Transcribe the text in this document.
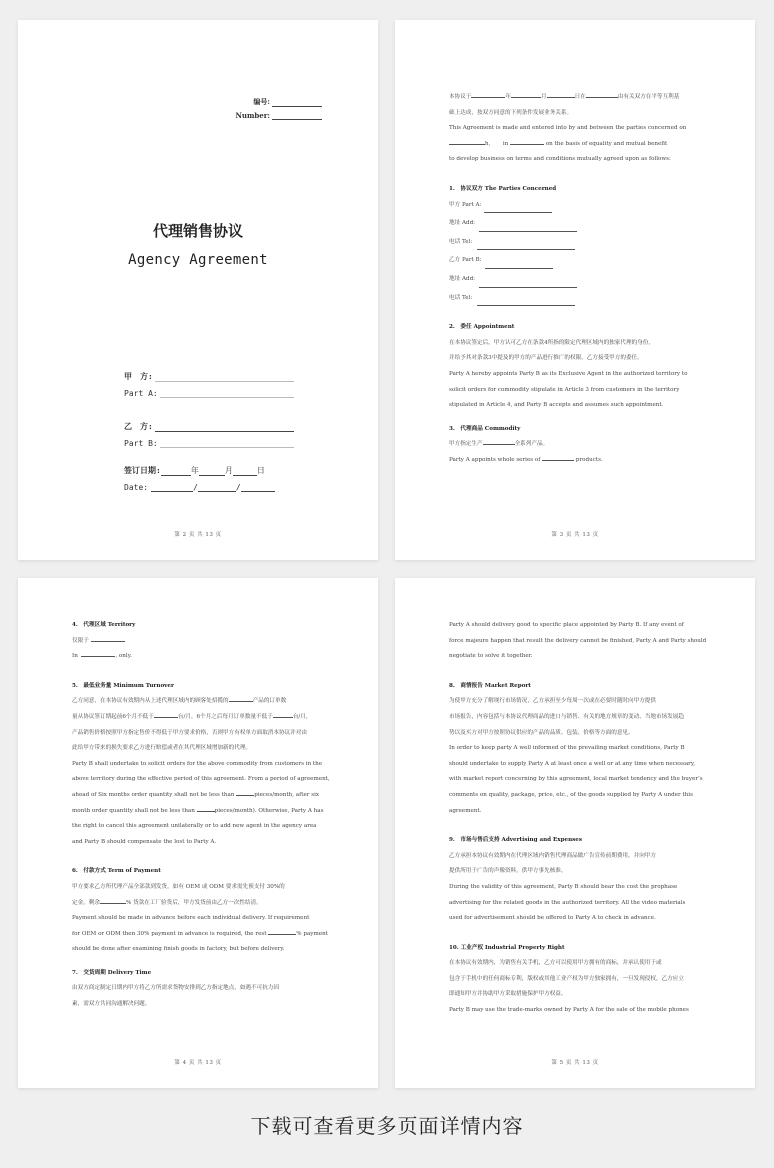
编号:
Number:
代理销售协议
Agency Agreement
甲　方:
Part A:
乙　方:
Part B:
签订日期:	年	月	日
Date:	/	/
第 2 页 共 13 页
本协议于	年	月	日在	由有关双方在平等互利基
础上达成，按双方同意的下列条件发展业务关系。
This Agreement is made and entered into by and between the parties concerned on
h, in	on the basis of equality and mutual benefit
to develop business on terms and conditions mutually agreed upon as follows:
1.　协议双方 The Parties Concerned
甲方 Part A:
地址 Add:
电话 Tel:
乙方 Part B:
地址 Add:
电话 Tel:
2.　委任 Appointment
在本协议签定后，甲方认可乙方在条款4所指的限定代理区域内的独家代理的身份，
并给予其对条款3中提及的甲方的产品进行推广的权限。乙方接受甲方的委任。
Party A hereby appoints Party B as its Exclusive Agent in the authorized territory to
solicit orders for commodity stipulate in Article 3 from customers in the territory
stipulated in Article 4, and Party B accepts and assumes such appointment.
3.　代理商品 Commodity
甲方指定生产	全系列产品。
Party A appoints whole series of	products.
第 3 页 共 13 页
4.　代理区域 Territory
仅限于
In	, only.
5.　最低业务量 Minimum Turnover
乙方同意，在本协议有效期内从上述代理区域内的顾客处招揽的	产品的订单数
量从协议签订期起前6个月不低于	台/月，6个月之后每月订单数量不低于	台/月，
产品销售价格按照甲方指定售价不得低于甲方要求价格，否则甲方有权单方面取消本协议并对由
此给甲方带来的损失要求乙方进行赔偿或者在其代理区域增加新的代理。
Party B shall undertake to solicit orders for the above commodity from customers in the
above territory during the effective period of this agreement. From a period of agreement,
ahead of Six months order quantity shall not be less than	pieces/month, after six
month order quantity shall not be less than	pieces/month). Otherwise, Party A has
the right to cancel this agreement unilaterally or to add new agent in the agency area
and Party B should compensate the lost to Party A.
6.　付款方式 Term of Payment
甲方要求乙方所代理产品全部款到发货，如有 OEM 或 ODM 要求需先预支付 30%的
定金，剩余	% 货款在工厂验货后，甲方发货前由乙方一次性结清。
Payment should be made in advance before each individual delivery. If requirement
for OEM or ODM then 30% payment in advance is required, the rest	% payment
should be done after examining finish goods in factory, but before delivery.
7.　交货周期 Delivery Time
由双方商定制定日期内甲方将乙方所需求货物安排到乙方指定地点，如遇不可抗力因
素，需双方共同沟通解决问题。
第 4 页 共 13 页
Party A should delivery good to specific place appointed by Party B. If any event of
force majeure happen that result the delivery cannot be finished, Party A and Party should
negotiate to solve it together.
8.　商情报告 Market Report
为使甲方充分了解现行市场情况，乙方承担至少每周一次或在必要时随时向甲方提供
市场报告，内容包括与本协议代理商品的进口与销售、有关的地方规章的变动、当地市场发展趋
势以及买方对甲方按照协议供应的产品的品质、包装、价格等方面的意见。
In order to keep party A well informed of the prevailing market conditions, Party B
should undertake to supply Party A at least once a well or at any time when necessary,
with market report concerning by this agreement, local market tendency and the buyer’s
comments on quality, package, price, etc., of the goods supplied by Party A under this
agreement.
9.　市场与售后支持 Advertising and Expenses
乙方承担本协议有效期内在代理区域内销售代理商品做广告宣传前期费用，并向甲方
提供所用于广告的声像资料，供甲方事先核准。
During the validity of this agreement, Party B should bear the cost the prophase
advertising for the related goods in the authorized territory. All the video materials
used for advertisement should be offered to Party A to check in advance.
10. 工业产权 Industrial Property Right
在本协议有效期内，为销售有关手机，乙方可以使用甲方拥有的商标，并承认使用于或
包含于手机中的任何商标专利，版权或其他工业产权为甲方独家拥有，一旦发现侵权，乙方应立
即通知甲方并协助甲方采取措施保护甲方权益。
Party B may use the trade-marks owned by Party A for the sale of the mobile phones
第 5 页 共 13 页
下载可查看更多页面详情内容
